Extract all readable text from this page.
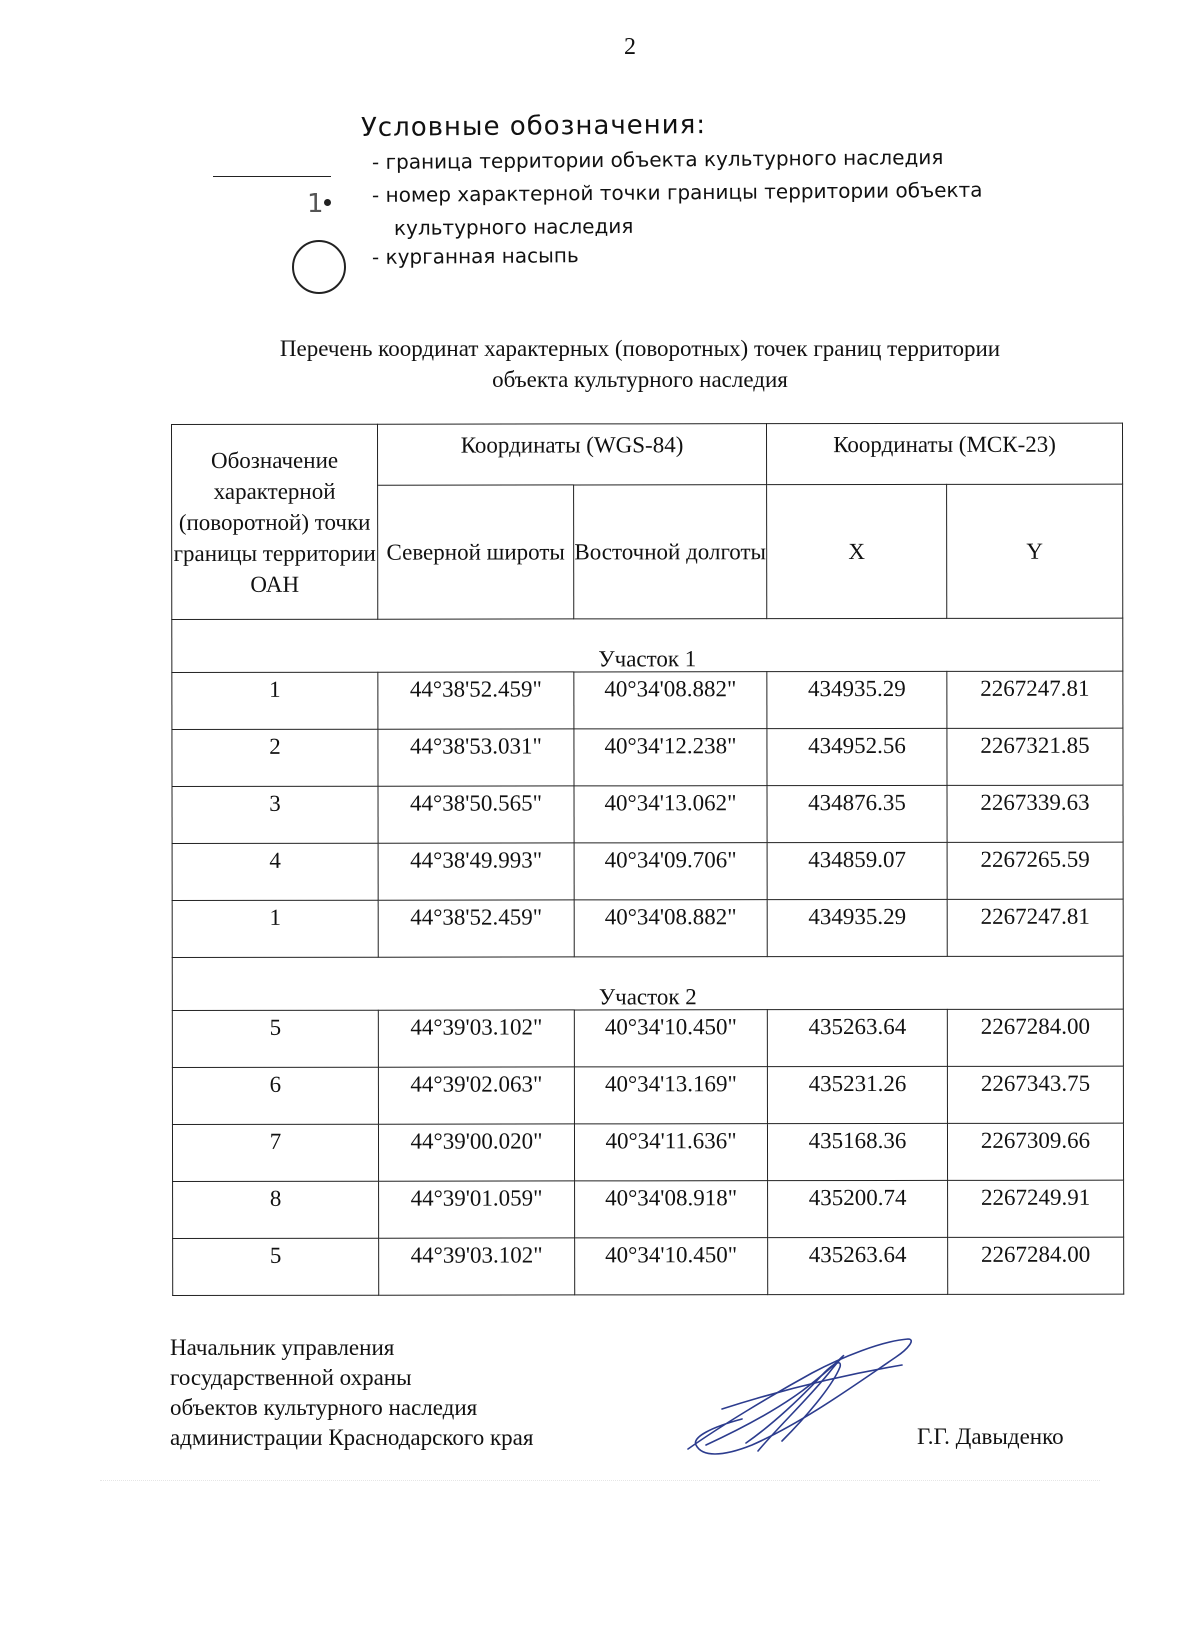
2
Условные обозначения:
- граница территории объекта культурного наследия
1 - номер характерной точки границы территории объекта
культурного наследия
- курганная насыпь
Перечень координат характерных (поворотных) точек границ территории
объекта культурного наследия
Обозначение характерной (поворотной) точки границы территории ОАН	Координаты (WGS-84)		Координаты (МСК-23)	
	Северной широты	Восточной долготы	X	Y
Участок 1				
1	44°38'52.459"	40°34'08.882"	434935.29	2267247.81
2	44°38'53.031"	40°34'12.238"	434952.56	2267321.85
3	44°38'50.565"	40°34'13.062"	434876.35	2267339.63
4	44°38'49.993"	40°34'09.706"	434859.07	2267265.59
1	44°38'52.459"	40°34'08.882"	434935.29	2267247.81
Участок 2				
5	44°39'03.102"	40°34'10.450"	435263.64	2267284.00
6	44°39'02.063"	40°34'13.169"	435231.26	2267343.75
7	44°39'00.020"	40°34'11.636"	435168.36	2267309.66
8	44°39'01.059"	40°34'08.918"	435200.74	2267249.91
5	44°39'03.102"	40°34'10.450"	435263.64	2267284.00
Начальник управления
государственной охраны
объектов культурного наследия
администрации Краснодарского края	Г.Г. Давыденко
